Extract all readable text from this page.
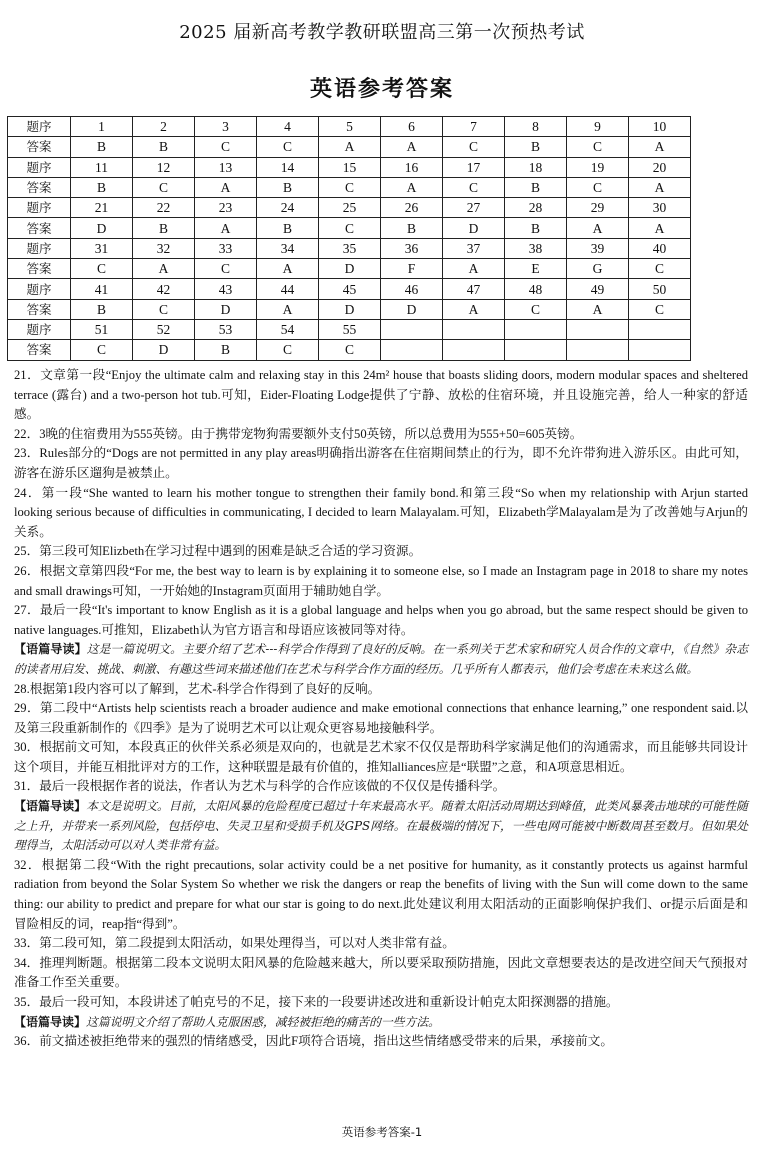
2025 届新高考教学教研联盟高三第一次预热考试
英语参考答案
题序	1	2	3	4	5	6	7	8	9	10
答案	B	B	C	C	A	A	C	B	C	A
题序	11	12	13	14	15	16	17	18	19	20
答案	B	C	A	B	C	A	C	B	C	A
题序	21	22	23	24	25	26	27	28	29	30
答案	D	B	A	B	C	B	D	B	A	A
题序	31	32	33	34	35	36	37	38	39	40
答案	C	A	C	A	D	F	A	E	G	C
题序	41	42	43	44	45	46	47	48	49	50
答案	B	C	D	A	D	D	A	C	A	C
题序	51	52	53	54	55					
答案	C	D	B	C	C					

21．文章第一段“Enjoy the ultimate calm and relaxing stay in this 24m² house that boasts sliding doors, modern modular spaces and sheltered terrace (露台) and a two-person hot tub.可知，Eider-Floating Lodge提供了宁静、放松的住宿环境，并且设施完善，给人一种家的舒适感。

22．3晚的住宿费用为555英镑。由于携带宠物狗需要额外支付50英镑，所以总费用为555+50=605英镑。

23．Rules部分的“Dogs are not permitted in any play areas明确指出游客在住宿期间禁止的行为，即不允许带狗进入游乐区。由此可知，游客在游乐区遛狗是被禁止。

24．第一段“She wanted to learn his mother tongue to strengthen their family bond.和第三段“So when my relationship with Arjun started looking serious because of difficulties in communicating, I decided to learn Malayalam.可知，Elizabeth学Malayalam是为了改善她与Arjun的关系。

25．第三段可知Elizbeth在学习过程中遇到的困难是缺乏合适的学习资源。

26．根据文章第四段“For me, the best way to learn is by explaining it to someone else, so I made an Instagram page in 2018 to share my notes and small drawings可知，一开始她的Instagram页面用于辅助她自学。

27．最后一段“It's important to know English as it is a global language and helps when you go abroad, but the same respect should be given to native languages.可推知，Elizabeth认为官方语言和母语应该被同等对待。

【语篇导读】这是一篇说明文。主要介绍了艺术---科学合作得到了良好的反响。在一系列关于艺术家和研究人员合作的文章中，《自然》杂志的读者用启发、挑战、刺激、有趣这些词来描述他们在艺术与科学合作方面的经历。几乎所有人都表示，他们会考虑在未来这么做。

28.根据第1段内容可以了解到，艺术-科学合作得到了良好的反响。

29．第二段中“Artists help scientists reach a broader audience and make emotional connections that enhance learning,” one respondent said.以及第三段重新制作的《四季》是为了说明艺术可以让观众更容易地接触科学。

30．根据前文可知，本段真正的伙伴关系必须是双向的，也就是艺术家不仅仅是帮助科学家满足他们的沟通需求，而且能够共同设计这个项目，并能互相批评对方的工作，这种联盟是最有价值的，推知alliances应是“联盟”之意，和A项意思相近。

31．最后一段根据作者的说法，作者认为艺术与科学的合作应该做的不仅仅是传播科学。

【语篇导读】本文是说明文。目前，太阳风暴的危险程度已超过十年来最高水平。随着太阳活动周期达到峰值，此类风暴袭击地球的可能性随之上升，并带来一系列风险，包括停电、失灵卫星和受损手机及GPS网络。在最极端的情况下，一些电网可能被中断数周甚至数月。但如果处理得当，太阳活动可以对人类非常有益。

32．根据第二段“With the right precautions, solar activity could be a net positive for humanity, as it constantly protects us against harmful radiation from beyond the Solar System So whether we risk the dangers or reap the benefits of living with the Sun will come down to the same thing: our ability to predict and prepare for what our star is going to do next.此处建议利用太阳活动的正面影响保护我们、or提示后面是和冒险相反的词，reap指“得到”。

33．第二段可知，第二段提到太阳活动，如果处理得当，可以对人类非常有益。

34．推理判断题。根据第二段本文说明太阳风暴的危险越来越大，所以要采取预防措施，因此文章想要表达的是改进空间天气预报对准备工作至关重要。

35．最后一段可知，本段讲述了帕克号的不足，接下来的一段要讲述改进和重新设计帕克太阳探测器的措施。

【语篇导读】这篇说明文介绍了帮助人克服困惑，减轻被拒绝的痛苦的一些方法。

36．前文描述被拒绝带来的强烈的情绪感受，因此F项符合语境，指出这些情绪感受带来的后果，承接前文。

英语参考答案-1
